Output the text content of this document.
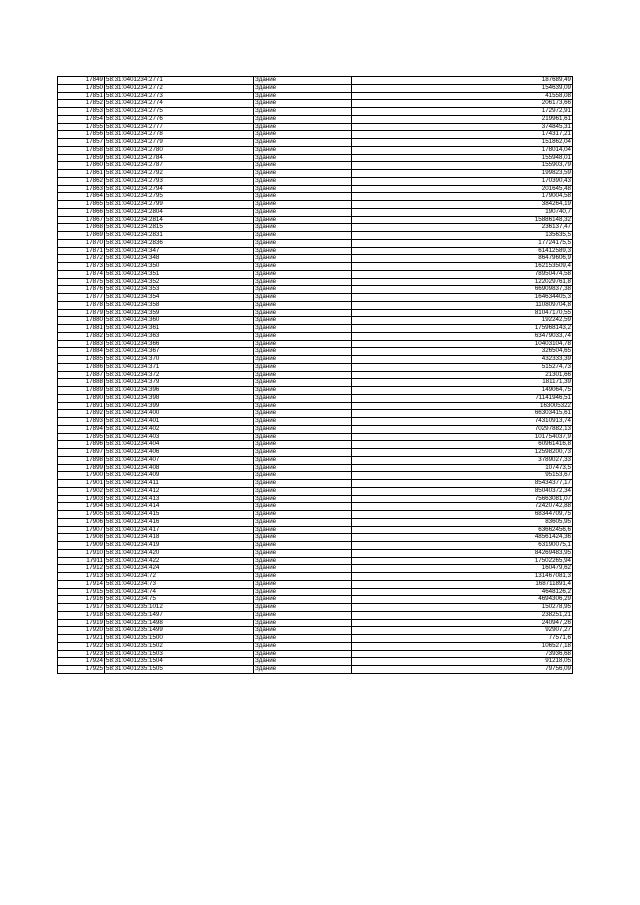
17849	58:31:0401234:2771	Здание	187689,49
17850	58:31:0401234:2772	Здание	154639,09
17851	58:31:0401234:2773	Здание	41558,08
17852	58:31:0401234:2774	Здание	206173,66
17853	58:31:0401234:2775	Здание	172972,91
17854	58:31:0401234:2776	Здание	219961,61
17855	58:31:0401234:2777	Здание	374845,31
17856	58:31:0401234:2778	Здание	174317,21
17857	58:31:0401234:2779	Здание	151862,04
17858	58:31:0401234:2780	Здание	178014,04
17859	58:31:0401234:2784	Здание	155948,01
17860	58:31:0401234:2787	Здание	155903,79
17861	58:31:0401234:2792	Здание	199823,59
17862	58:31:0401234:2793	Здание	170390,43
17863	58:31:0401234:2794	Здание	201645,48
17864	58:31:0401234:2795	Здание	179004,58
17865	58:31:0401234:2799	Здание	384264,19
17866	58:31:0401234:2804	Здание	190740,7
17867	58:31:0401234:2814	Здание	15886148,32
17868	58:31:0401234:2815	Здание	236137,47
17869	58:31:0401234:2831	Здание	135635,5
17870	58:31:0401234:2836	Здание	17724175,5
17871	58:31:0401234:347	Здание	61412589,3
17872	58:31:0401234:348	Здание	86479606,9
17873	58:31:0401234:350	Здание	162153509,4
17874	58:31:0401234:351	Здание	78950474,58
17875	58:31:0401234:352	Здание	122029761,8
17876	58:31:0401234:353	Здание	66909837,38
17877	58:31:0401234:354	Здание	164634405,3
17878	58:31:0401234:358	Здание	110809704,8
17879	58:31:0401234:359	Здание	81047170,55
17880	58:31:0401234:360	Здание	192242,59
17881	58:31:0401234:361	Здание	175968143,2
17882	58:31:0401234:363	Здание	63479033,74
17883	58:31:0401234:366	Здание	10403104,78
17884	58:31:0401234:367	Здание	326504,65
17885	58:31:0401234:370	Здание	432333,39
17886	58:31:0401234:371	Здание	515274,73
17887	58:31:0401234:372	Здание	21301,66
17888	58:31:0401234:379	Здание	181171,39
17889	58:31:0401234:396	Здание	149064,75
17890	58:31:0401234:398	Здание	71141946,51
17891	58:31:0401234:399	Здание	163005322
17892	58:31:0401234:400	Здание	66303415,61
17893	58:31:0401234:401	Здание	74310913,74
17894	58:31:0401234:402	Здание	70297882,13
17895	58:31:0401234:403	Здание	101754037,9
17896	58:31:0401234:404	Здание	60961416,8
17897	58:31:0401234:406	Здание	12598200,73
17898	58:31:0401234:407	Здание	3789027,33
17899	58:31:0401234:408	Здание	107473,5
17900	58:31:0401234:409	Здание	95153,67
17901	58:31:0401234:411	Здание	85434377,17
17902	58:31:0401234:412	Здание	85040372,34
17903	58:31:0401234:413	Здание	75663081,07
17904	58:31:0401234:414	Здание	72420742,88
17905	58:31:0401234:415	Здание	68344709,75
17906	58:31:0401234:416	Здание	83605,95
17907	58:31:0401234:417	Здание	63662456,6
17908	58:31:0401234:418	Здание	48561424,36
17909	58:31:0401234:419	Здание	63190075,1
17910	58:31:0401234:420	Здание	84269483,95
17911	58:31:0401234:422	Здание	17502265,94
17912	58:31:0401234:424	Здание	160479,62
17913	58:31:0401234:72	Здание	131467081,3
17914	58:31:0401234:73	Здание	168711891,4
17915	58:31:0401234:74	Здание	4648126,2
17916	58:31:0401234:75	Здание	4694306,29
17917	58:31:0401235:1012	Здание	150278,95
17918	58:31:0401235:1497	Здание	238251,21
17919	58:31:0401235:1498	Здание	240947,26
17920	58:31:0401235:1499	Здание	92907,27
17921	58:31:0401235:1500	Здание	77571,6
17922	58:31:0401235:1502	Здание	106527,18
17923	58:31:0401235:1503	Здание	73936,68
17924	58:31:0401235:1504	Здание	91218,05
17925	58:31:0401235:1505	Здание	79756,09
